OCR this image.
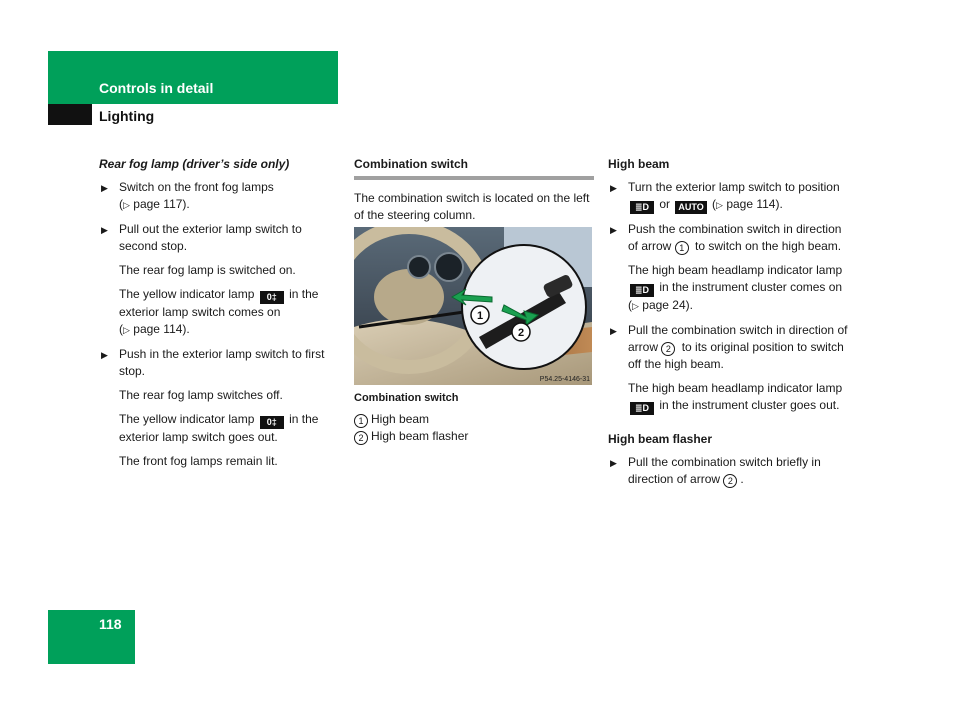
Controls in detail
Lighting
Rear fog lamp (driver’s side only)
▶ Switch on the front fog lamps
(▷ page 117).
▶ Pull out the exterior lamp switch to second stop.
The rear fog lamp is switched on.
The yellow indicator lamp 0‡ in the exterior lamp switch comes on
(▷ page 114).
▶ Push in the exterior lamp switch to first stop.
The rear fog lamp switches off.
The yellow indicator lamp 0‡ in the exterior lamp switch goes out.
The front fog lamps remain lit.
Combination switch
The combination switch is located on the left of the steering column.
1
2
P54.25-4146-31
Combination switch
1 High beam
2 High beam flasher
High beam
▶ Turn the exterior lamp switch to position ≣D or AUTO (▷ page 114).
▶ Push the combination switch in direction of arrow 1 to switch on the high beam.
The high beam headlamp indicator lamp ≣D in the instrument cluster comes on (▷ page 24).
▶ Pull the combination switch in direction of arrow 2 to its original position to switch off the high beam.
The high beam headlamp indicator lamp ≣D in the instrument cluster goes out.
High beam flasher
▶ Pull the combination switch briefly in direction of arrow 2 .
118
